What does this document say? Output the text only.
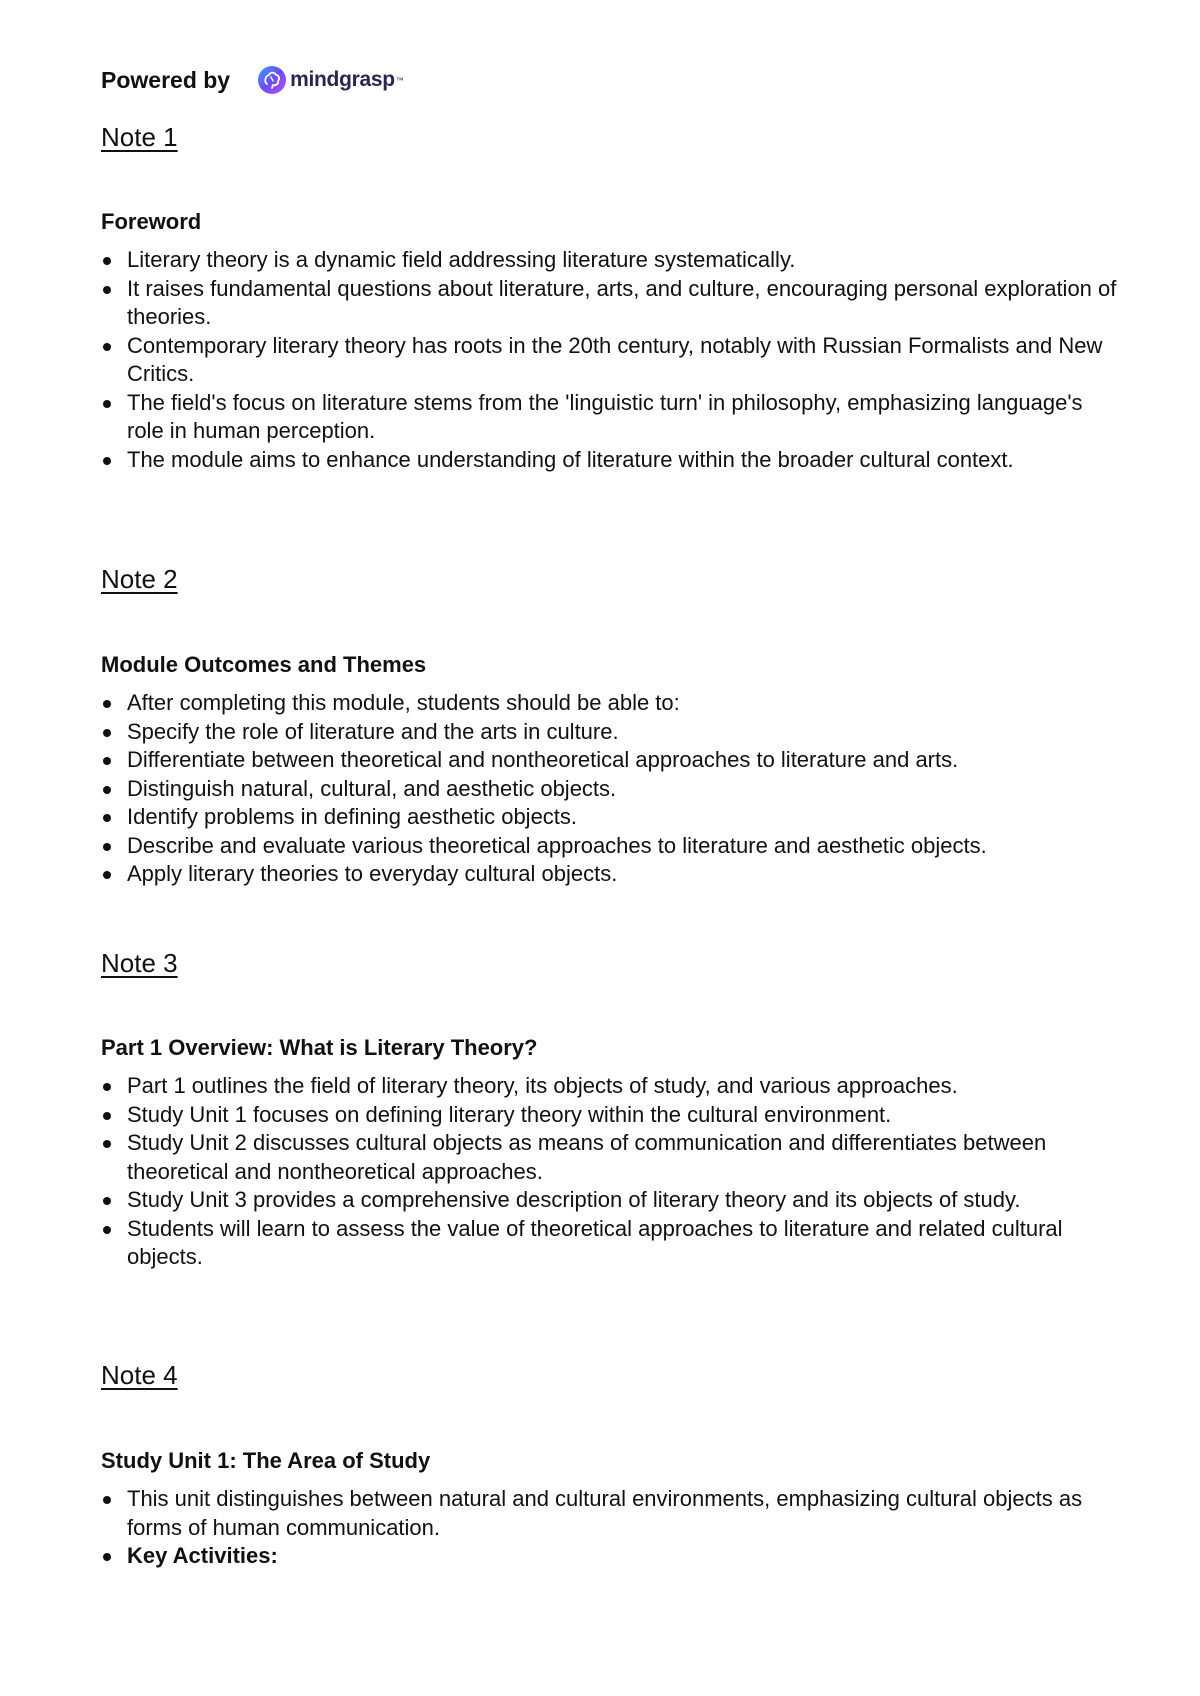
Powered by	mindgrasp ™
Note 1
Foreword
Literary theory is a dynamic field addressing literature systematically.
It raises fundamental questions about literature, arts, and culture, encouraging personal exploration of theories.
Contemporary literary theory has roots in the 20th century, notably with Russian Formalists and New Critics.
The field's focus on literature stems from the 'linguistic turn' in philosophy, emphasizing language's role in human perception.
The module aims to enhance understanding of literature within the broader cultural context.
Note 2
Module Outcomes and Themes
After completing this module, students should be able to:
Specify the role of literature and the arts in culture.
Differentiate between theoretical and nontheoretical approaches to literature and arts.
Distinguish natural, cultural, and aesthetic objects.
Identify problems in defining aesthetic objects.
Describe and evaluate various theoretical approaches to literature and aesthetic objects.
Apply literary theories to everyday cultural objects.
Note 3
Part 1 Overview: What is Literary Theory?
Part 1 outlines the field of literary theory, its objects of study, and various approaches.
Study Unit 1 focuses on defining literary theory within the cultural environment.
Study Unit 2 discusses cultural objects as means of communication and differentiates between theoretical and nontheoretical approaches.
Study Unit 3 provides a comprehensive description of literary theory and its objects of study.
Students will learn to assess the value of theoretical approaches to literature and related cultural objects.
Note 4
Study Unit 1: The Area of Study
This unit distinguishes between natural and cultural environments, emphasizing cultural objects as forms of human communication.
Key Activities:
